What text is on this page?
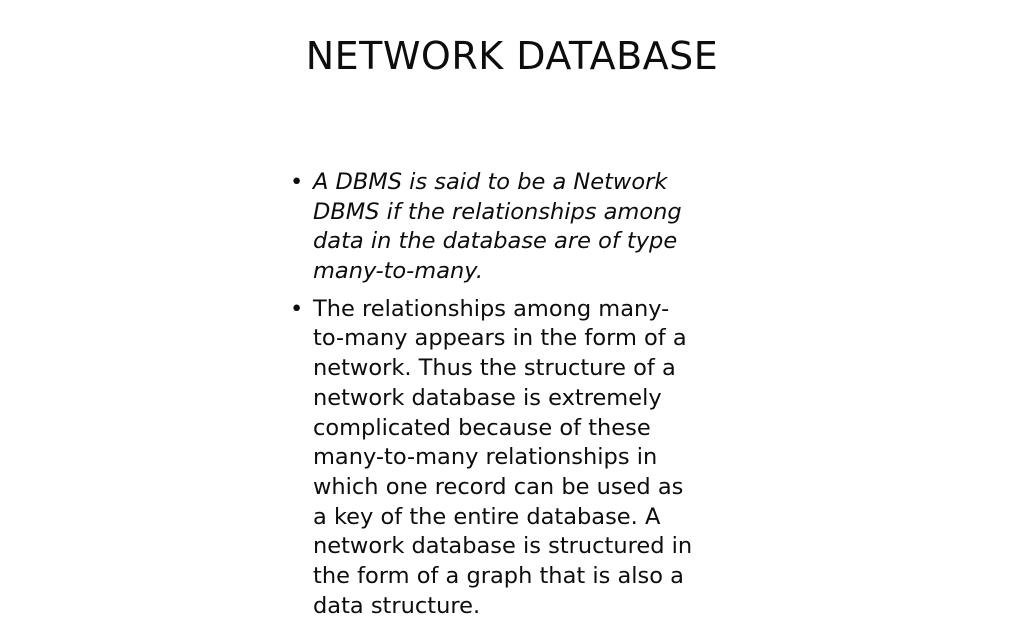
NETWORK DATABASE
• A DBMS is said to be a Network DBMS if the relationships among data in the database are of type many-to-many.
• The relationships among many-to-many appears in the form of a network. Thus the structure of a network database is extremely complicated because of these many-to-many relationships in which one record can be used as a key of the entire database. A network database is structured in the form of a graph that is also a data structure.
